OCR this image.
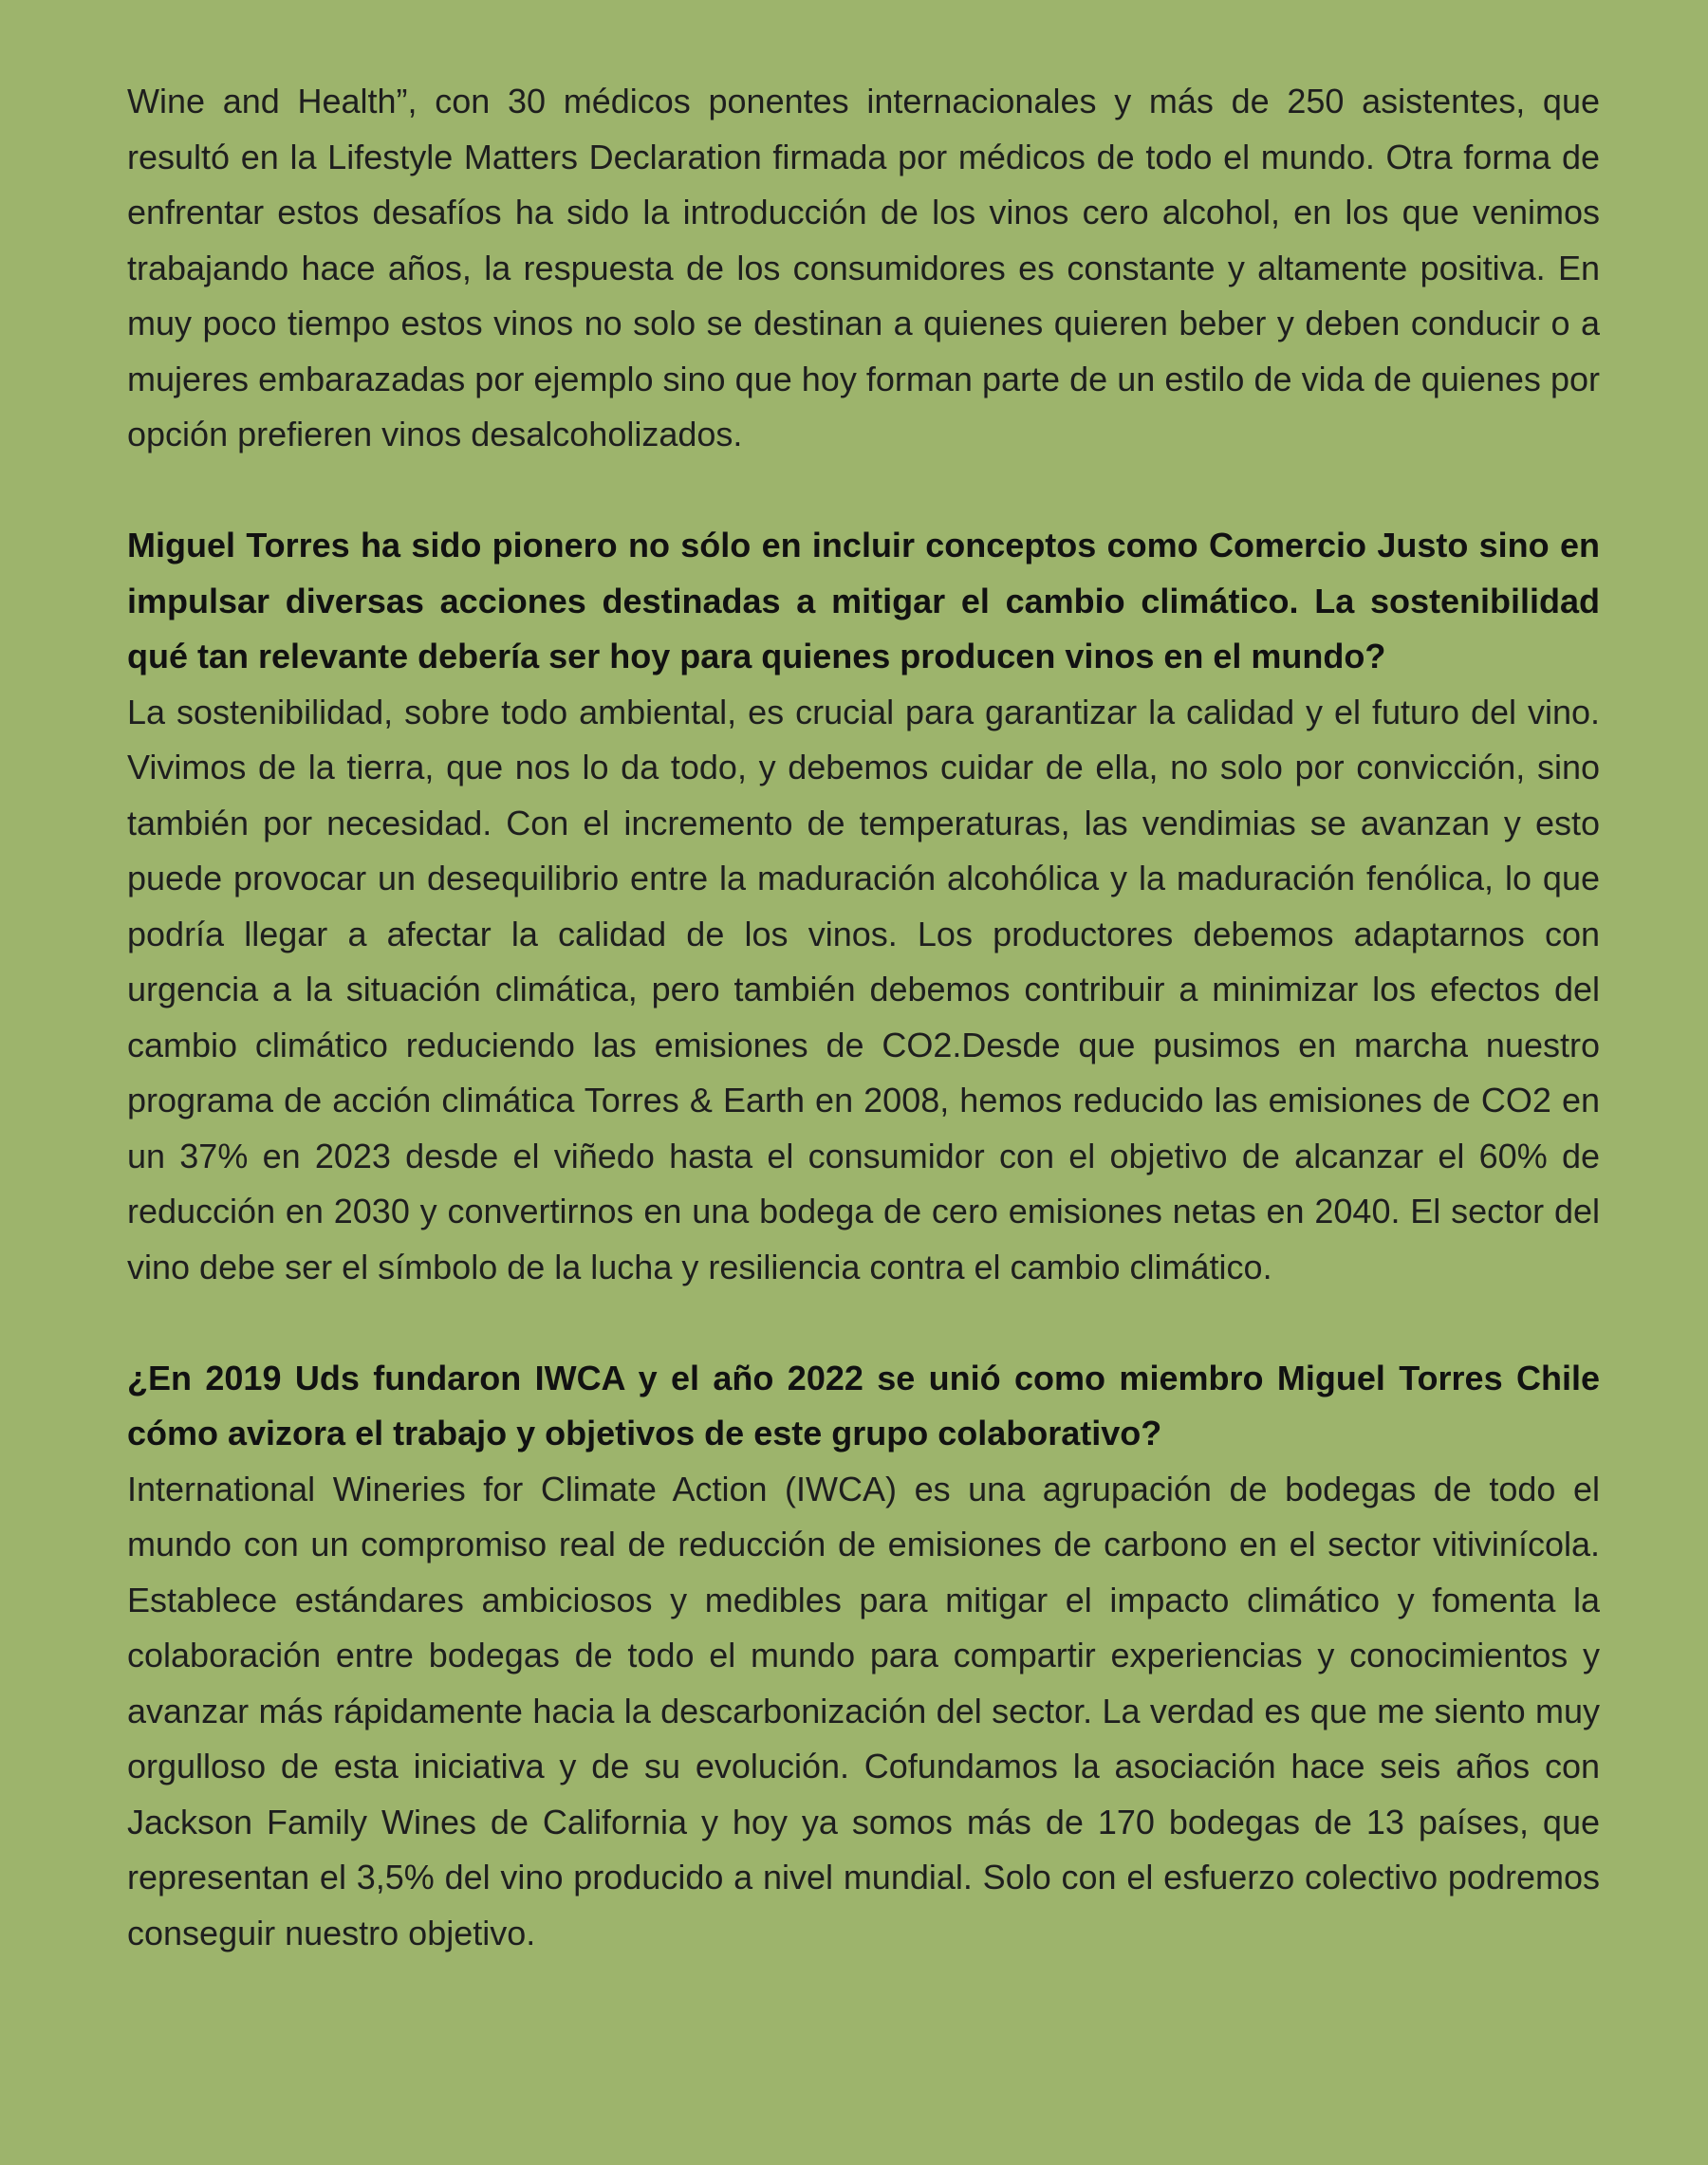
Wine and Health”, con 30 médicos ponentes internacionales y más de 250 asistentes, que resultó en la Lifestyle Matters Declaration firmada por médicos de todo el mundo. Otra forma de enfrentar estos desafíos ha sido la introducción de los vinos cero alcohol, en los que venimos trabajando hace años, la respuesta de los consumidores es constante y altamente positiva. En muy poco tiempo estos vinos no solo se destinan a quienes quieren beber y deben conducir o a mujeres embarazadas por ejemplo sino que hoy forman parte de un estilo de vida de quienes por opción prefieren vinos desalcoholizados.

Miguel Torres ha sido pionero no sólo en incluir conceptos como Comercio Justo sino en impulsar diversas acciones destinadas a mitigar el cambio climático. La sostenibilidad qué tan relevante debería ser hoy para quienes producen vinos en el mundo?

La sostenibilidad, sobre todo ambiental, es crucial para garantizar la calidad y el futuro del vino. Vivimos de la tierra, que nos lo da todo, y debemos cuidar de ella, no solo por convicción, sino también por necesidad. Con el incremento de temperaturas, las vendimias se avanzan y esto puede provocar un desequilibrio entre la maduración alcohólica y la maduración fenólica, lo que podría llegar a afectar la calidad de los vinos. Los productores debemos adaptarnos con urgencia a la situación climática, pero también debemos contribuir a minimizar los efectos del cambio climático reduciendo las emisiones de CO2.Desde que pusimos en marcha nuestro programa de acción climática Torres & Earth en 2008, hemos reducido las emisiones de CO2 en un 37% en 2023 desde el viñedo hasta el consumidor con el objetivo de alcanzar el 60% de reducción en 2030 y convertirnos en una bodega de cero emisiones netas en 2040. El sector del vino debe ser el símbolo de la lucha y resiliencia contra el cambio climático.

¿En 2019 Uds fundaron IWCA y el año 2022 se unió como miembro Miguel Torres Chile cómo avizora el trabajo y objetivos de este grupo colaborativo?

International Wineries for Climate Action (IWCA) es una agrupación de bodegas de todo el mundo con un compromiso real de reducción de emisiones de carbono en el sector vitivinícola. Establece estándares ambiciosos y medibles para mitigar el impacto climático y fomenta la colaboración entre bodegas de todo el mundo para compartir experiencias y conocimientos y avanzar más rápidamente hacia la descarbonización del sector. La verdad es que me siento muy orgulloso de esta iniciativa y de su evolución. Cofundamos la asociación hace seis años con Jackson Family Wines de California y hoy ya somos más de 170 bodegas de 13 países, que representan el 3,5% del vino producido a nivel mundial. Solo con el esfuerzo colectivo podremos conseguir nuestro objetivo.
